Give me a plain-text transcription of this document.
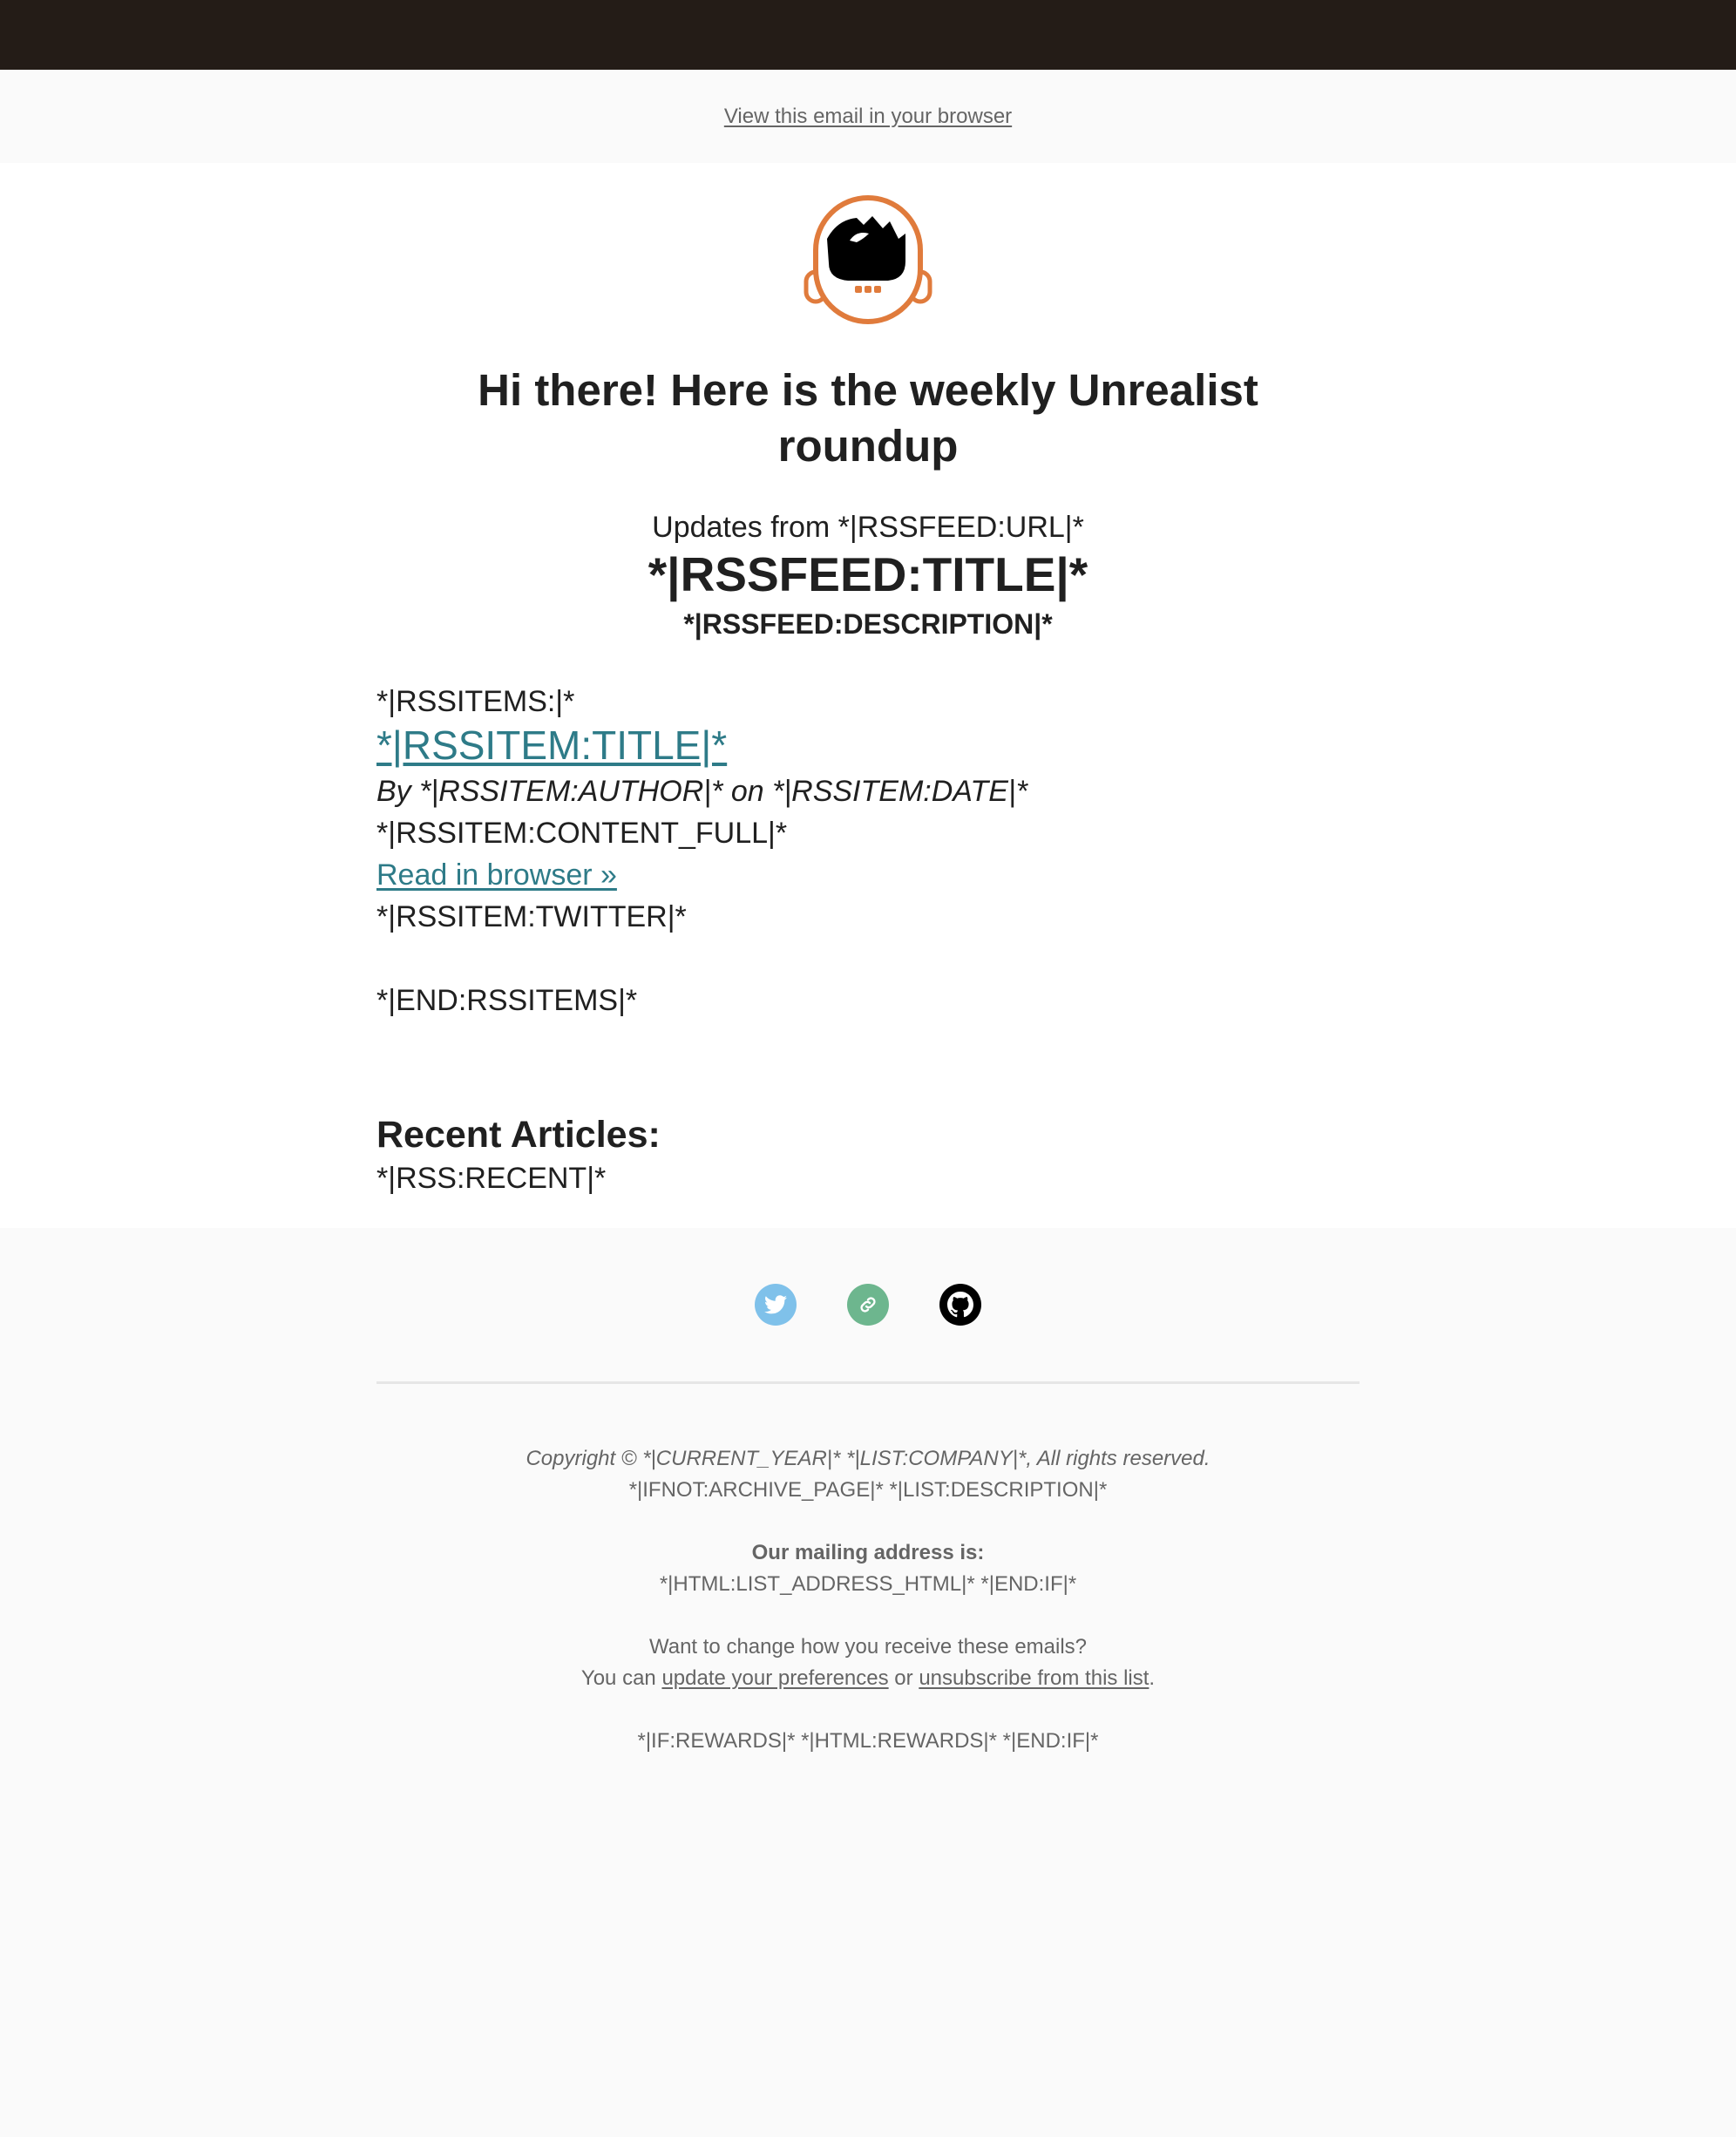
View this email in your browser
Hi there! Here is the weekly Unrealist roundup
Updates from *|RSSFEED:URL|*
*|RSSFEED:TITLE|*
*|RSSFEED:DESCRIPTION|*
*|RSSITEMS:|*
*|RSSITEM:TITLE|*
By *|RSSITEM:AUTHOR|* on *|RSSITEM:DATE|*
*|RSSITEM:CONTENT_FULL|*
Read in browser »
*|RSSITEM:TWITTER|*
*|END:RSSITEMS|*
Recent Articles:
*|RSS:RECENT|*
Copyright © *|CURRENT_YEAR|* *|LIST:COMPANY|*, All rights reserved.
*|IFNOT:ARCHIVE_PAGE|* *|LIST:DESCRIPTION|*
Our mailing address is:
*|HTML:LIST_ADDRESS_HTML|* *|END:IF|*
Want to change how you receive these emails?
You can update your preferences or unsubscribe from this list.
*|IF:REWARDS|* *|HTML:REWARDS|* *|END:IF|*
